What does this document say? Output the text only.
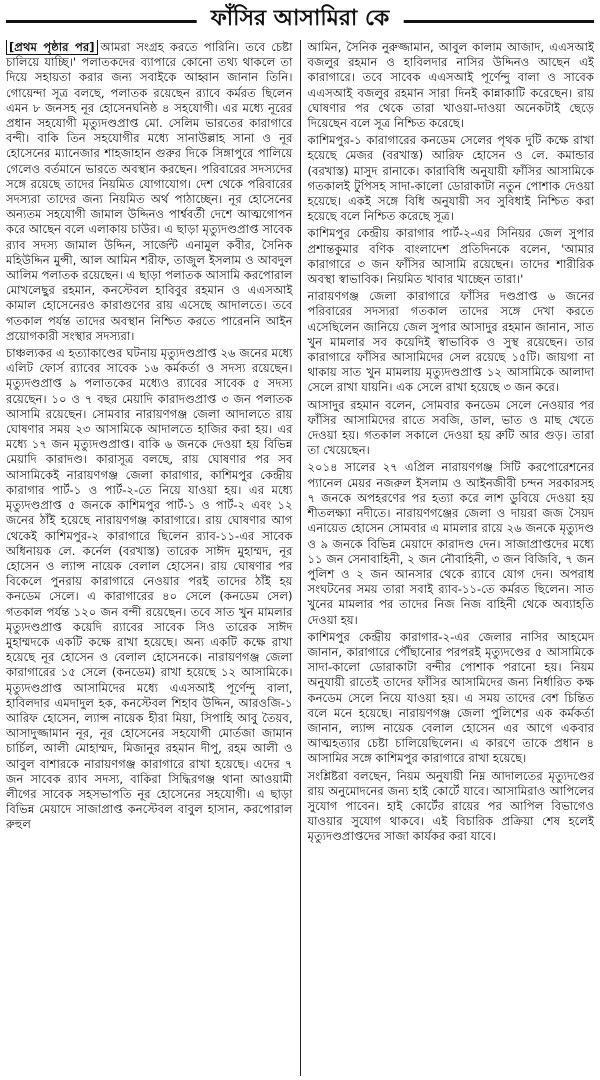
ফাঁসির আসামিরা কে

[প্রথম পৃষ্ঠার পর] আমরা সংগ্রহ করতে পারিনি। তবে চেষ্টা চালিয়ে যাচ্ছি।' পলাতকদের ব্যাপারে কোনো তথ্য থাকলে তা দিয়ে সহায়তা করার জন্য সবাইকে আহ্বান জানান তিনি। গোয়েন্দা সূত্র বলছে, পলাতক রয়েছেন র‍্যাবে কর্মরত ছিলেন এমন ৮ জনসহ নূর হোসেনঘনিষ্ঠ ৪ সহযোগী। এর মধ্যে নূরের প্রধান সহযোগী মৃত্যুদণ্ডপ্রাপ্ত মো. সেলিম ভারতের কারাগারে বন্দী। বাকি তিন সহযোগীর মধ্যে সানাউল্লাহ সানা ও নূর হোসেনের ম্যানেজার শাহজাহান গুরুর দিকে সিঙ্গাপুরে পালিয়ে গেলেও বর্তমানে ভারতে অবস্থান করছেন। পরিবারের সদস্যদের সঙ্গে রয়েছে তাদের নিয়মিত যোগাযোগ। দেশ থেকে পরিবারের সদস্যরা তাদের জন্য নিয়মিত অর্থ পাঠাচ্ছেন। নূর হোসেনের অন্যতম সহযোগী জামাল উদ্দিনও পার্শ্ববর্তী দেশে আত্মগোপন করে আছেন বলে এলাকায় চাউর। এ ছাড়া মৃত্যুদণ্ডপ্রাপ্ত সাবেক র‍্যাব সদস্য জামাল উদ্দিন, সার্জেন্ট এনামুল কবীর, সৈনিক মহিউদ্দিন মুন্সী, আল আমিন শরীফ, তাজুল ইসলাম ও আবদুল আলিম পলাতক রয়েছেন। এ ছাড়া পলাতক আসামি করপোরাল মোখলেছুর রহমান, কনস্টেবল হাবিবুর রহমান ও এএসআই কামাল হোসেনেরও কারাগুণের রায় এসেছে আদালতে। তবে গতকাল পর্যন্ত তাদের অবস্থান নিশ্চিত করতে পারেননি আইন প্রয়োগকারী সংস্থার সদস্যরা।

চাঞ্চল্যকর এ হত্যাকাণ্ডের ঘটনায় মৃত্যুদণ্ডপ্রাপ্ত ২৬ জনের মধ্যে এলিট ফোর্স র‍্যাবের সাবেক ১৬ কর্মকর্তা ও সদস্য রয়েছেন। মৃত্যুদণ্ডপ্রাপ্ত ৯ পলাতকের মধ্যেও র‍্যাবের সাবেক ৫ সদস্য রয়েছেন। ১০ ও ৭ বছর মেয়াদি কারাদণ্ডপ্রাপ্ত ৩ জন পলাতক আসামি রয়েছেন। সোমবার নারায়ণগঞ্জ জেলা আদালতে রায় ঘোষণার সময় ২৩ আসামিকে আদালতে হাজির করা হয়। এর মধ্যে ১৭ জন মৃত্যুদণ্ডপ্রাপ্ত। বাকি ৬ জনকে দেওয়া হয় বিভিন্ন মেয়াদি কারাদণ্ড। কারাসূত্র বলছে, রায় ঘোষণার পর সব আসামিকেই নারায়ণগঞ্জ জেলা কারাগার, কাশিমপুর কেন্দ্রীয় কারাগার পার্ট-১ ও পার্ট-২-তে নিয়ে যাওয়া হয়। এর মধ্যে মৃত্যুদণ্ডপ্রাপ্ত ৫ জনকে কাশিমপুর পার্ট-১ ও পার্ট-২ এবং ১২ জনের ঠাঁই হয়েছে নারায়ণগঞ্জ কারাগারে। রায় ঘোষণার আগ থেকেই কাশিমপুর-২ কারাগারে ছিলেন র‍্যাব-১১-এর সাবেক অধিনায়ক লে. কর্নেল (বরখাস্ত) তারেক সাঈদ মুহাম্মদ, নূর হোসেন ও ল্যান্স নায়েক বেলাল হোসেন। রায় ঘোষণার পর বিকেলে পুনরায় কারাগারে নেওয়ার পরই তাদের ঠাঁই হয় কনডেম সেলে। এ কারাগারের ৪০ সেলে (কনডেম সেল) গতকাল পর্যন্ত ১২০ জন বন্দী রয়েছেন। তবে সাত খুন মামলার মৃত্যুদণ্ডপ্রাপ্ত কয়েদি র‍্যাবের সাবেক সিও তারেক সাঈদ মুহাম্মদকে একটি কক্ষে রাখা হয়েছে। অন্য একটি কক্ষে রাখা হয়েছে নূর হোসেন ও বেলাল হোসেনকে। নারায়ণগঞ্জ জেলা কারাগারের ১৫ সেলে (কনডেম) রাখা হয়েছে ১২ আসামিকে। মৃত্যুদণ্ডপ্রাপ্ত আসামিদের মধ্যে এএসআই পূর্ণেন্দু বালা, হাবিলদার এমদাদুল হক, কনস্টেবল শিহাব উদ্দিন, আরওজি-১ আরিফ হোসেন, ল্যান্স নায়েক হীরা মিয়া, সিপাহি আবু তৈয়ব, আসাদুজ্জামান নূর, নূর হোসেনের সহযোগী মোর্তজা জামান চার্চিল, আলী মোহাম্মদ, মিজানুর রহমান দীপু, রহম আলী ও আবুল বাশারকে নারায়ণগঞ্জ কারাগারে রাখা হয়েছে। এদের ৭ জন সাবেক র‍্যাব সদস্য, বাকিরা সিদ্ধিরগঞ্জ থানা আওয়ামী লীগের সাবেক সহসভাপতি নূর হোসেনের সহযোগী। এ ছাড়া বিভিন্ন মেয়াদে সাজাপ্রাপ্ত কনস্টেবল বাবুল হাসান, করপোরাল রুহুল

আমিন, সৈনিক নুরুজ্জামান, আবুল কালাম আজাদ, এএসআই বজলুর রহমান ও হাবিলদার নাসির উদ্দিনও আছেন এই কারাগারে। তবে সাবেক এএসআই পূর্ণেন্দু বালা ও সাবেক এএসআই বজলুর রহমান সারা দিনই কান্নাকাটি করেছেন। রায় ঘোষণার পর থেকে তারা খাওয়া-দাওয়া অনেকটাই ছেড়ে দিয়েছেন বলে সূত্র নিশ্চিত করেছে।

কাশিমপুর-১ কারাগারের কনডেম সেলের পৃথক দুটি কক্ষে রাখা হয়েছে মেজর (বরখাস্ত) আরিফ হোসেন ও লে. কমান্ডার (বরখাস্ত) মাসুদ রানাকে। কারাবিধি অনুযায়ী ফাঁসির আসামিকে গতকালই টুপিসহ সাদা-কালো ডোরাকাটা নতুন পোশাক দেওয়া হয়েছে। একই সঙ্গে বিধি অনুযায়ী সব সুবিধাই নিশ্চিত করা হয়েছে বলে নিশ্চিত করেছে সূত্র।

কাশিমপুর কেন্দ্রীয় কারাগার পার্ট-২-এর সিনিয়র জেল সুপার প্রশান্তকুমার বণিক বাংলাদেশ প্রতিদিনকে বলেন, 'আমার কারাগারে ৩ জন ফাঁসির আসামি রয়েছেন। তাদের শারীরিক অবস্থা স্বাভাবিক। নিয়মিত খাবার খাচ্ছেন তারা।'

নারায়ণগঞ্জ জেলা কারাগারে ফাঁসির দণ্ডপ্রাপ্ত ৬ জনের পরিবারের সদস্যরা গতকাল তাদের সঙ্গে দেখা করতে এসেছিলেন জানিয়ে জেল সুপার আসাদুর রহমান জানান, সাত খুন মামলার সব কয়েদিই স্বাভাবিক ও সুস্থ রয়েছেন। তার কারাগারে ফাঁসির আসামিদের সেল রয়েছে ১৫টি। জায়গা না থাকায় সাত খুন মামলায় মৃত্যুদণ্ডপ্রাপ্ত ১২ আসামিকে আলাদা সেলে রাখা যায়নি। এক সেলে রাখা হয়েছে ৩ জন করে।

আসাদুর রহমান বলেন, সোমবার কনডেম সেলে নেওয়ার পর ফাঁসির আসামিদের রাতে সবজি, ডাল, ভাত ও মাছ খেতে দেওয়া হয়। গতকাল সকালে দেওয়া হয় রুটি আর গুড়। তারা তা খেয়েছেন।

২০১৪ সালের ২৭ এপ্রিল নারায়ণগঞ্জ সিটি করপোরেশনের প্যানেল মেয়র নজরুল ইসলাম ও আইনজীবী চন্দন সরকারসহ ৭ জনকে অপহরণের পর হত্যা করে লাশ ডুবিয়ে দেওয়া হয় শীতলক্ষ্যা নদীতে। নারায়ণগঞ্জের জেলা ও দায়রা জজ সৈয়দ এনায়েত হোসেন সোমবার এ মামলার রায়ে ২৬ জনকে মৃত্যুদণ্ড ও ৯ জনকে বিভিন্ন মেয়াদে কারাদণ্ড দেন। সাজাপ্রাপ্তদের মধ্যে ১১ জন সেনাবাহিনী, ২ জন নৌবাহিনী, ৩ জন বিজিবি, ৭ জন পুলিশ ও ২ জন আনসার থেকে র‍্যাবে যোগ দেন। অপরাধ সংঘটনের সময় তারা সবাই র‍্যাব-১১-তে কর্মরত ছিলেন। সাত খুনের মামলার পর তাদের নিজ নিজ বাহিনী থেকে অব্যাহতি দেওয়া হয়।

কাশিমপুর কেন্দ্রীয় কারাগার-২-এর জেলার নাসির আহমেদ জানান, কারাগারে পৌঁছানোর পরপরই মৃত্যুদণ্ডের ৫ আসামিকে সাদা-কালো ডোরাকাটা বন্দীর পোশাক পরানো হয়। নিয়ম অনুযায়ী রাতেই তাদের ফাঁসির আসামিদের জন্য নির্ধারিত কক্ষ কনডেম সেলে নিয়ে যাওয়া হয়। এ সময় তাদের বেশ চিন্তিত বলে মনে হয়েছে। নারায়ণগঞ্জ জেলা পুলিশের এক কর্মকর্তা জানান, ল্যান্স নায়েক বেলাল হোসেন এর আগে একবার আত্মহত্যার চেষ্টা চালিয়েছিলেন। এ কারণে তাকে প্রধান ৪ আসামির সঙ্গে কাশিমপুর কারাগারে রাখা হয়েছে।

সংশ্লিষ্টরা বলছেন, নিয়ম অনুযায়ী নিম্ন আদালতের মৃত্যুদণ্ডের রায় অনুমোদনের জন্য হাই কোর্টে যাবে। আসামিরাও আপিলের সুযোগ পাবেন। হাই কোর্টের রায়ের পর আপিল বিভাগেও যাওয়ার সুযোগ থাকবে। এই বিচারিক প্রক্রিয়া শেষ হলেই মৃত্যুদণ্ডপ্রাপ্তদের সাজা কার্যকর করা যাবে।
